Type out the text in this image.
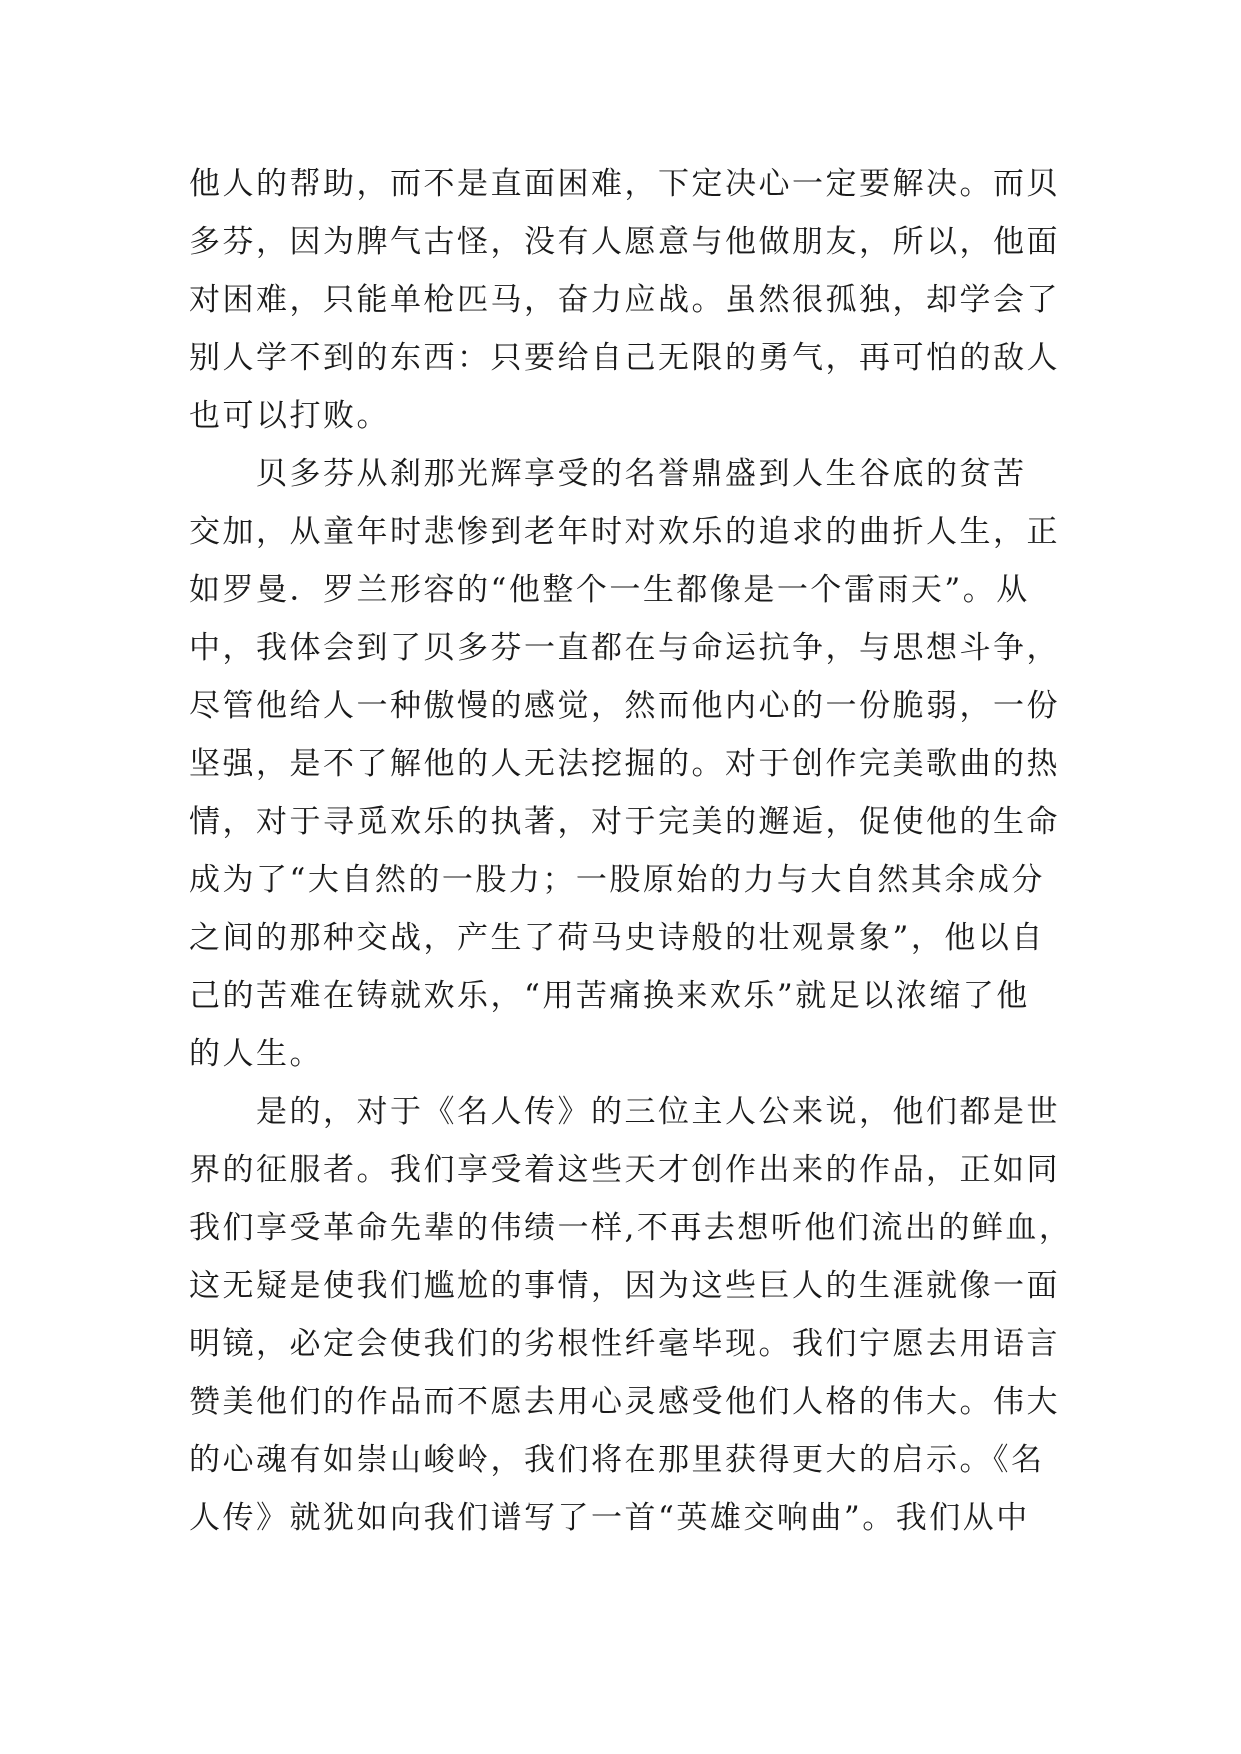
他人的帮助，而不是直面困难，下定决心一定要解决。而贝
多芬，因为脾气古怪，没有人愿意与他做朋友，所以，他面
对困难，只能单枪匹马，奋力应战。虽然很孤独，却学会了
别人学不到的东西：只要给自己无限的勇气，再可怕的敌人
也可以打败。
　　贝多芬从刹那光辉享受的名誉鼎盛到人生谷底的贫苦
交加，从童年时悲惨到老年时对欢乐的追求的曲折人生，正
如罗曼．罗兰形容的“他整个一生都像是一个雷雨天”。从
中，我体会到了贝多芬一直都在与命运抗争，与思想斗争，
尽管他给人一种傲慢的感觉，然而他内心的一份脆弱，一份
坚强，是不了解他的人无法挖掘的。对于创作完美歌曲的热
情，对于寻觅欢乐的执著，对于完美的邂逅，促使他的生命
成为了“大自然的一股力；一股原始的力与大自然其余成分
之间的那种交战，产生了荷马史诗般的壮观景象”，他以自
己的苦难在铸就欢乐，“用苦痛换来欢乐”就足以浓缩了他
的人生。
　　是的，对于《名人传》的三位主人公来说，他们都是世
界的征服者。我们享受着这些天才创作出来的作品，正如同
我们享受革命先辈的伟绩一样,不再去想听他们流出的鲜血，
这无疑是使我们尴尬的事情，因为这些巨人的生涯就像一面
明镜，必定会使我们的劣根性纤毫毕现。我们宁愿去用语言
赞美他们的作品而不愿去用心灵感受他们人格的伟大。伟大
的心魂有如崇山峻岭，我们将在那里获得更大的启示。《名
人传》就犹如向我们谱写了一首“英雄交响曲”。我们从中
